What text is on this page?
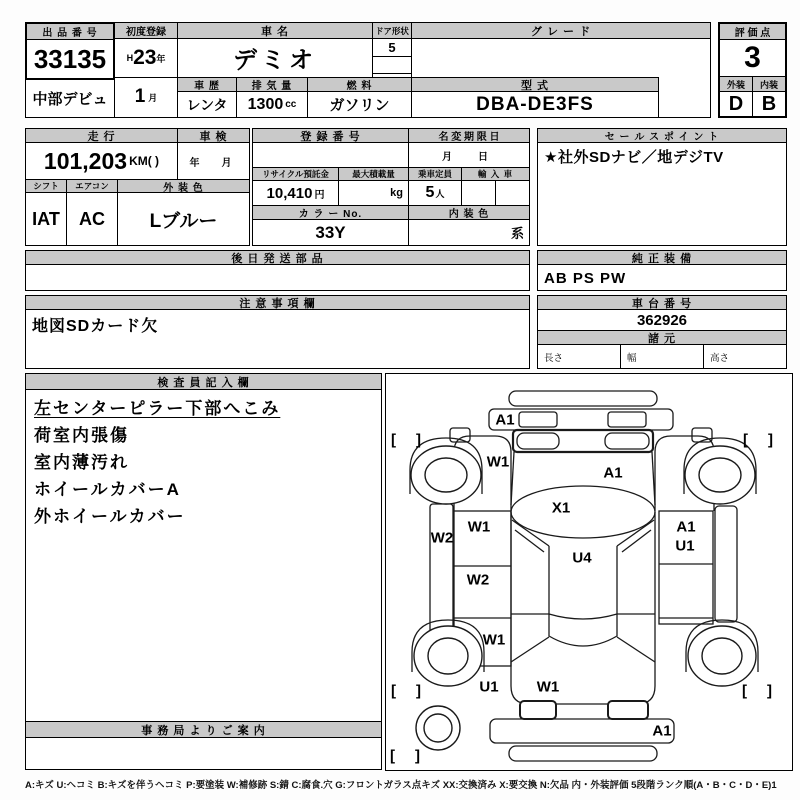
出 品 番 号
33135
中部デビュ
初度登録
H 23 年
1 月
車 名
デミオ
ドア形状
5
グ レ ー ド
型 式
DBA-DE3FS
車 歴
レンタ
排 気 量
1300 cc
燃 料
ガソリン
評 価 点
3
外装	内装
D B
走 行
101,203 KM( )
車 検
年　月
シフト
IAT
エアコン
AC
外 装 色
Lブルー
登 録 番 号	名 変 期 限 日
月　日
リサイクル預託金
10,410 円
最大積載量
kg
乗車定員
5 人
輸 入 車
カ ラ ー No.
33Y
内 装 色
系
セ ー ル ス ポ イ ン ト
★社外SDナビ／地デジTV
後 日 発 送 部 品	純 正 装 備
AB PS PW
注 意 事 項 欄
地図SDカード欠
車 台 番 号
362926
諸 元
長さ	幅	高さ
検 査 員 記 入 欄
左センターピラー下部へこみ
荷室内張傷
室内薄汚れ
ホイールカバーA
外ホイールカバー
事 務 局 よ り ご 案 内
A1
W1
A1
X1
W1
W2
U4
A1
U1
W2
W1
U1	W1
A1
[ ]	[ ]
[ ]	[ ]
[ ]
A:キズ U:ヘコミ B:キズを伴うヘコミ P:要塗装 W:補修跡 S:錆 C:腐食.穴 G:フロントガラス点キズ XX:交換済み X:要交換 N:欠品 内・外装評価 5段階ランク順(A・B・C・D・E)1
